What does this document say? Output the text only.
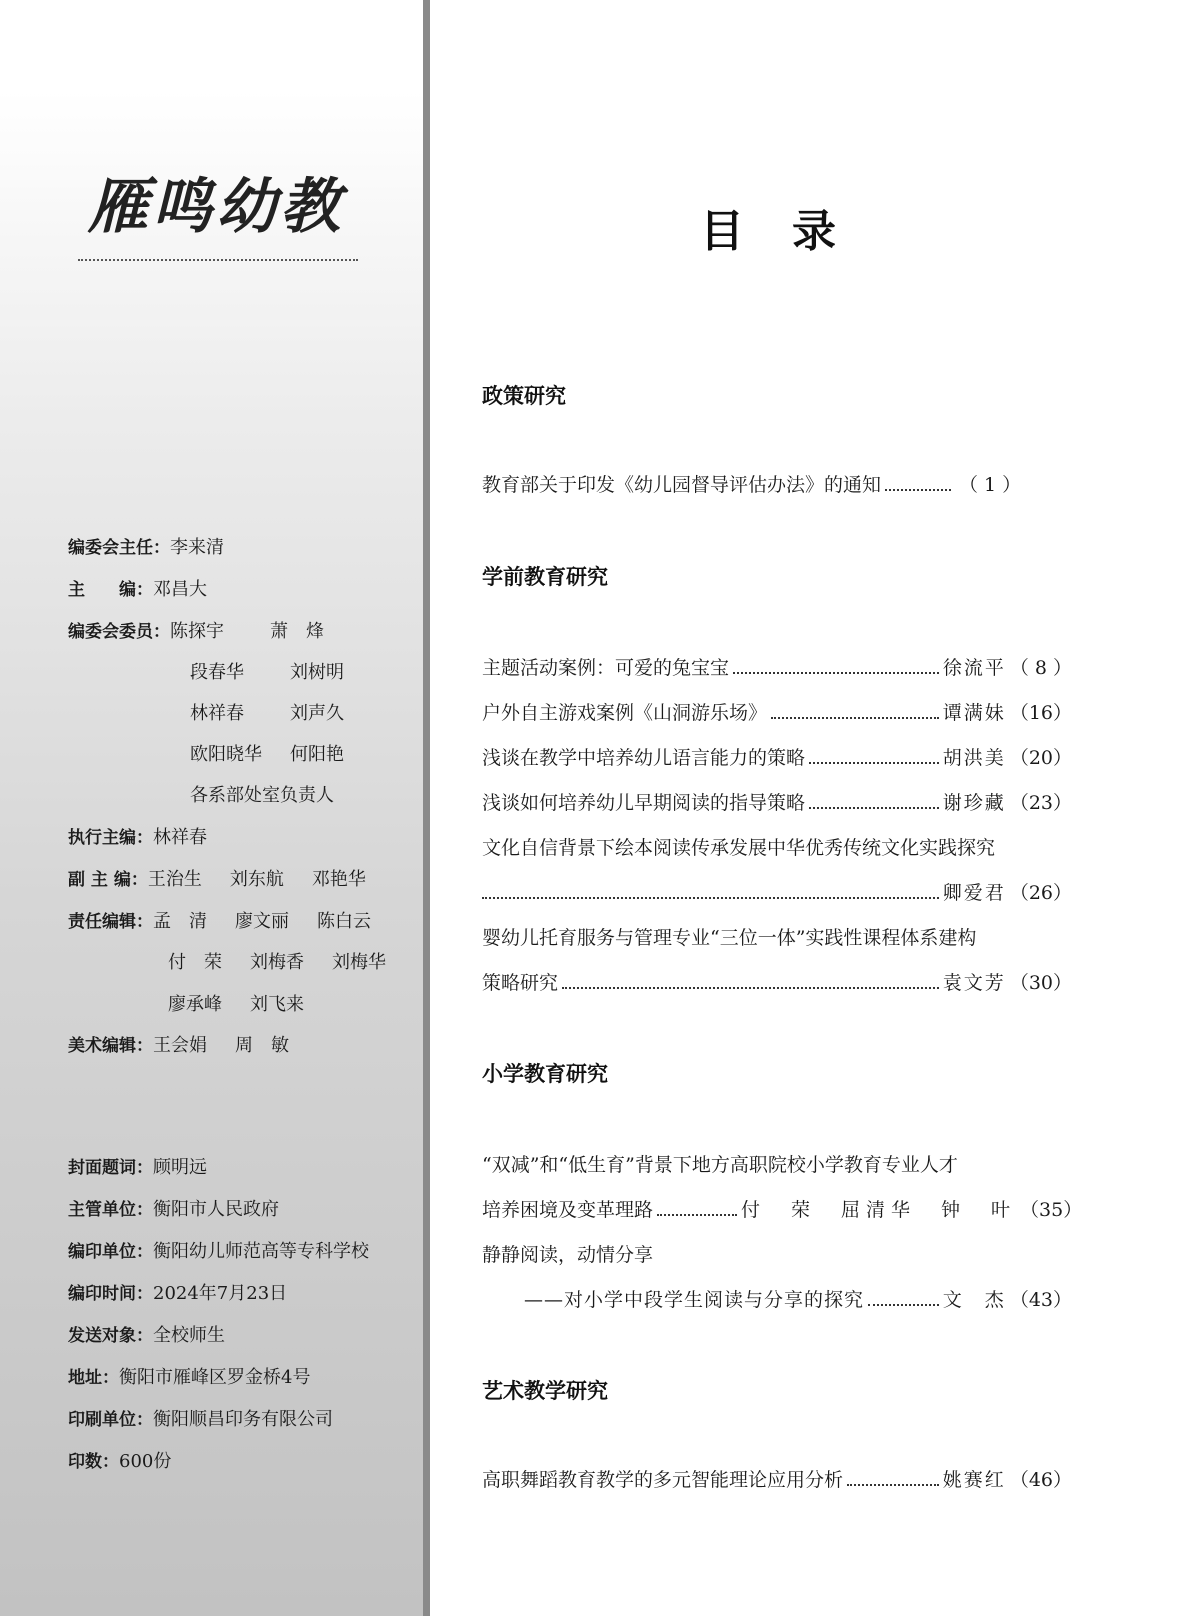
雁鸣幼教
编委会主任：李来清
主　　编：邓昌大
编委会委员：陈探宇	萧　烽
段春华	刘树明
林祥春	刘声久
欧阳晓华 何阳艳
各系部处室负责人
执行主编：林祥春
副 主 编：王治生 刘东航 邓艳华
责任编辑：孟　清 廖文丽 陈白云
付　荣 刘梅香 刘梅华
廖承峰 刘飞来
美术编辑：王会娟 周　敏
封面题词：顾明远
主管单位：衡阳市人民政府
编印单位：衡阳幼儿师范高等专科学校
编印时间：2024年7月23日
发送对象：全校师生
地址：衡阳市雁峰区罗金桥4号
印刷单位：衡阳顺昌印务有限公司
印数：600份
目录
政策研究
教育部关于印发《幼儿园督导评估办法》的通知	（ 1 ）
学前教育研究
主题活动案例：可爱的兔宝宝	徐流平 （ 8 ）
户外自主游戏案例《山洞游乐场》	谭满妹 （16）
浅谈在教学中培养幼儿语言能力的策略	胡洪美 （20）
浅谈如何培养幼儿早期阅读的指导策略	谢珍藏 （23）
文化自信背景下绘本阅读传承发展中华优秀传统文化实践探究
卿爱君 （26）
婴幼儿托育服务与管理专业“三位一体”实践性课程体系建构
策略研究	袁文芳 （30）
小学教育研究
“双减”和“低生育”背景下地方高职院校小学教育专业人才
培养困境及变革理路	付　荣　屈清华　钟　叶 （35）
静静阅读，动情分享
——对小学中段学生阅读与分享的探究	文　杰 （43）
艺术教学研究
高职舞蹈教育教学的多元智能理论应用分析	姚赛红 （46）
